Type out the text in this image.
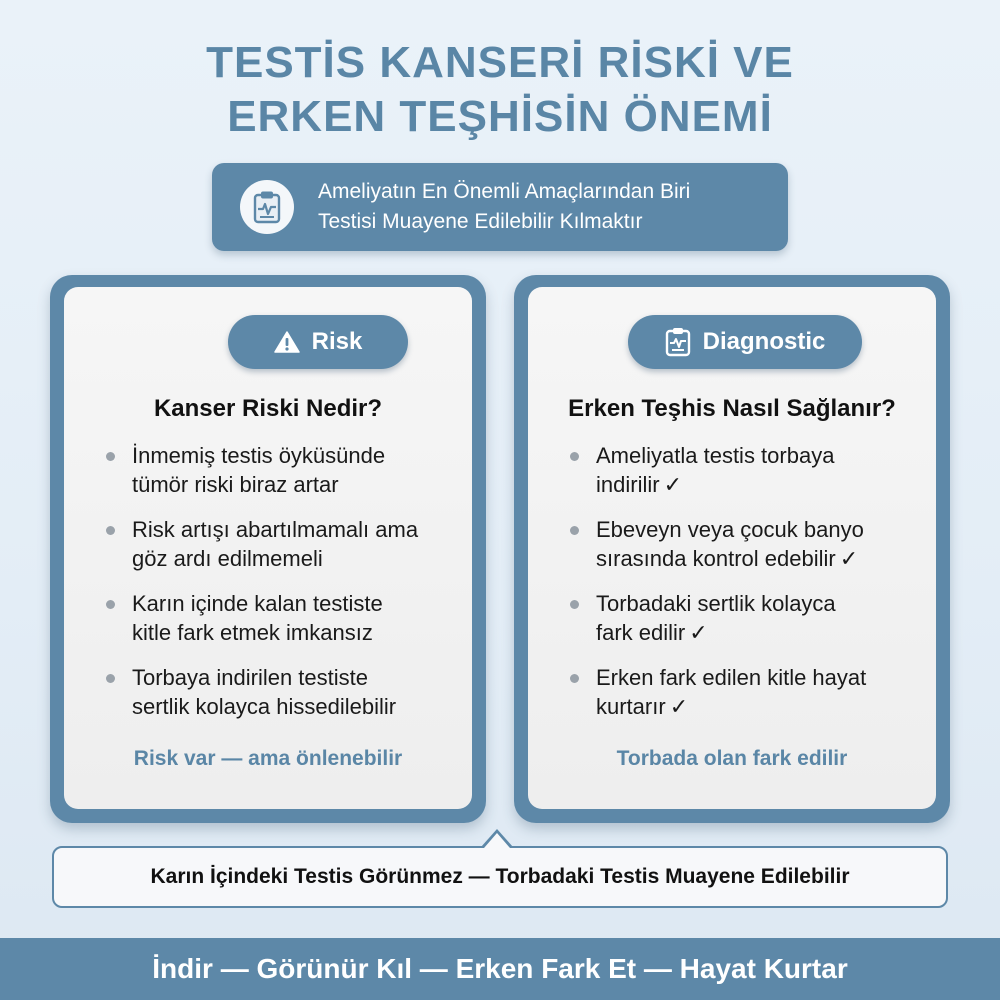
TESTİS KANSERİ RİSKİ VE
ERKEN TEŞHİSİN ÖNEMİ
Ameliyatın En Önemli Amaçlarından Biri
Testisi Muayene Edilebilir Kılmaktır
Risk
Kanser Riski Nedir?
İnmemiş testis öyküsünde
tümör riski biraz artar
Risk artışı abartılmamalı ama
göz ardı edilmemeli
Karın içinde kalan testiste
kitle fark etmek imkansız
Torbaya indirilen testiste
sertlik kolayca hissedilebilir
Risk var — ama önlenebilir
Diagnostic
Erken Teşhis Nasıl Sağlanır?
Ameliyatla testis torbaya
indirilir ✓
Ebeveyn veya çocuk banyo
sırasında kontrol edebilir ✓
Torbadaki sertlik kolayca
fark edilir ✓
Erken fark edilen kitle hayat
kurtarır ✓
Torbada olan fark edilir
Karın İçindeki Testis Görünmez — Torbadaki Testis Muayene Edilebilir
İndir — Görünür Kıl — Erken Fark Et — Hayat Kurtar
